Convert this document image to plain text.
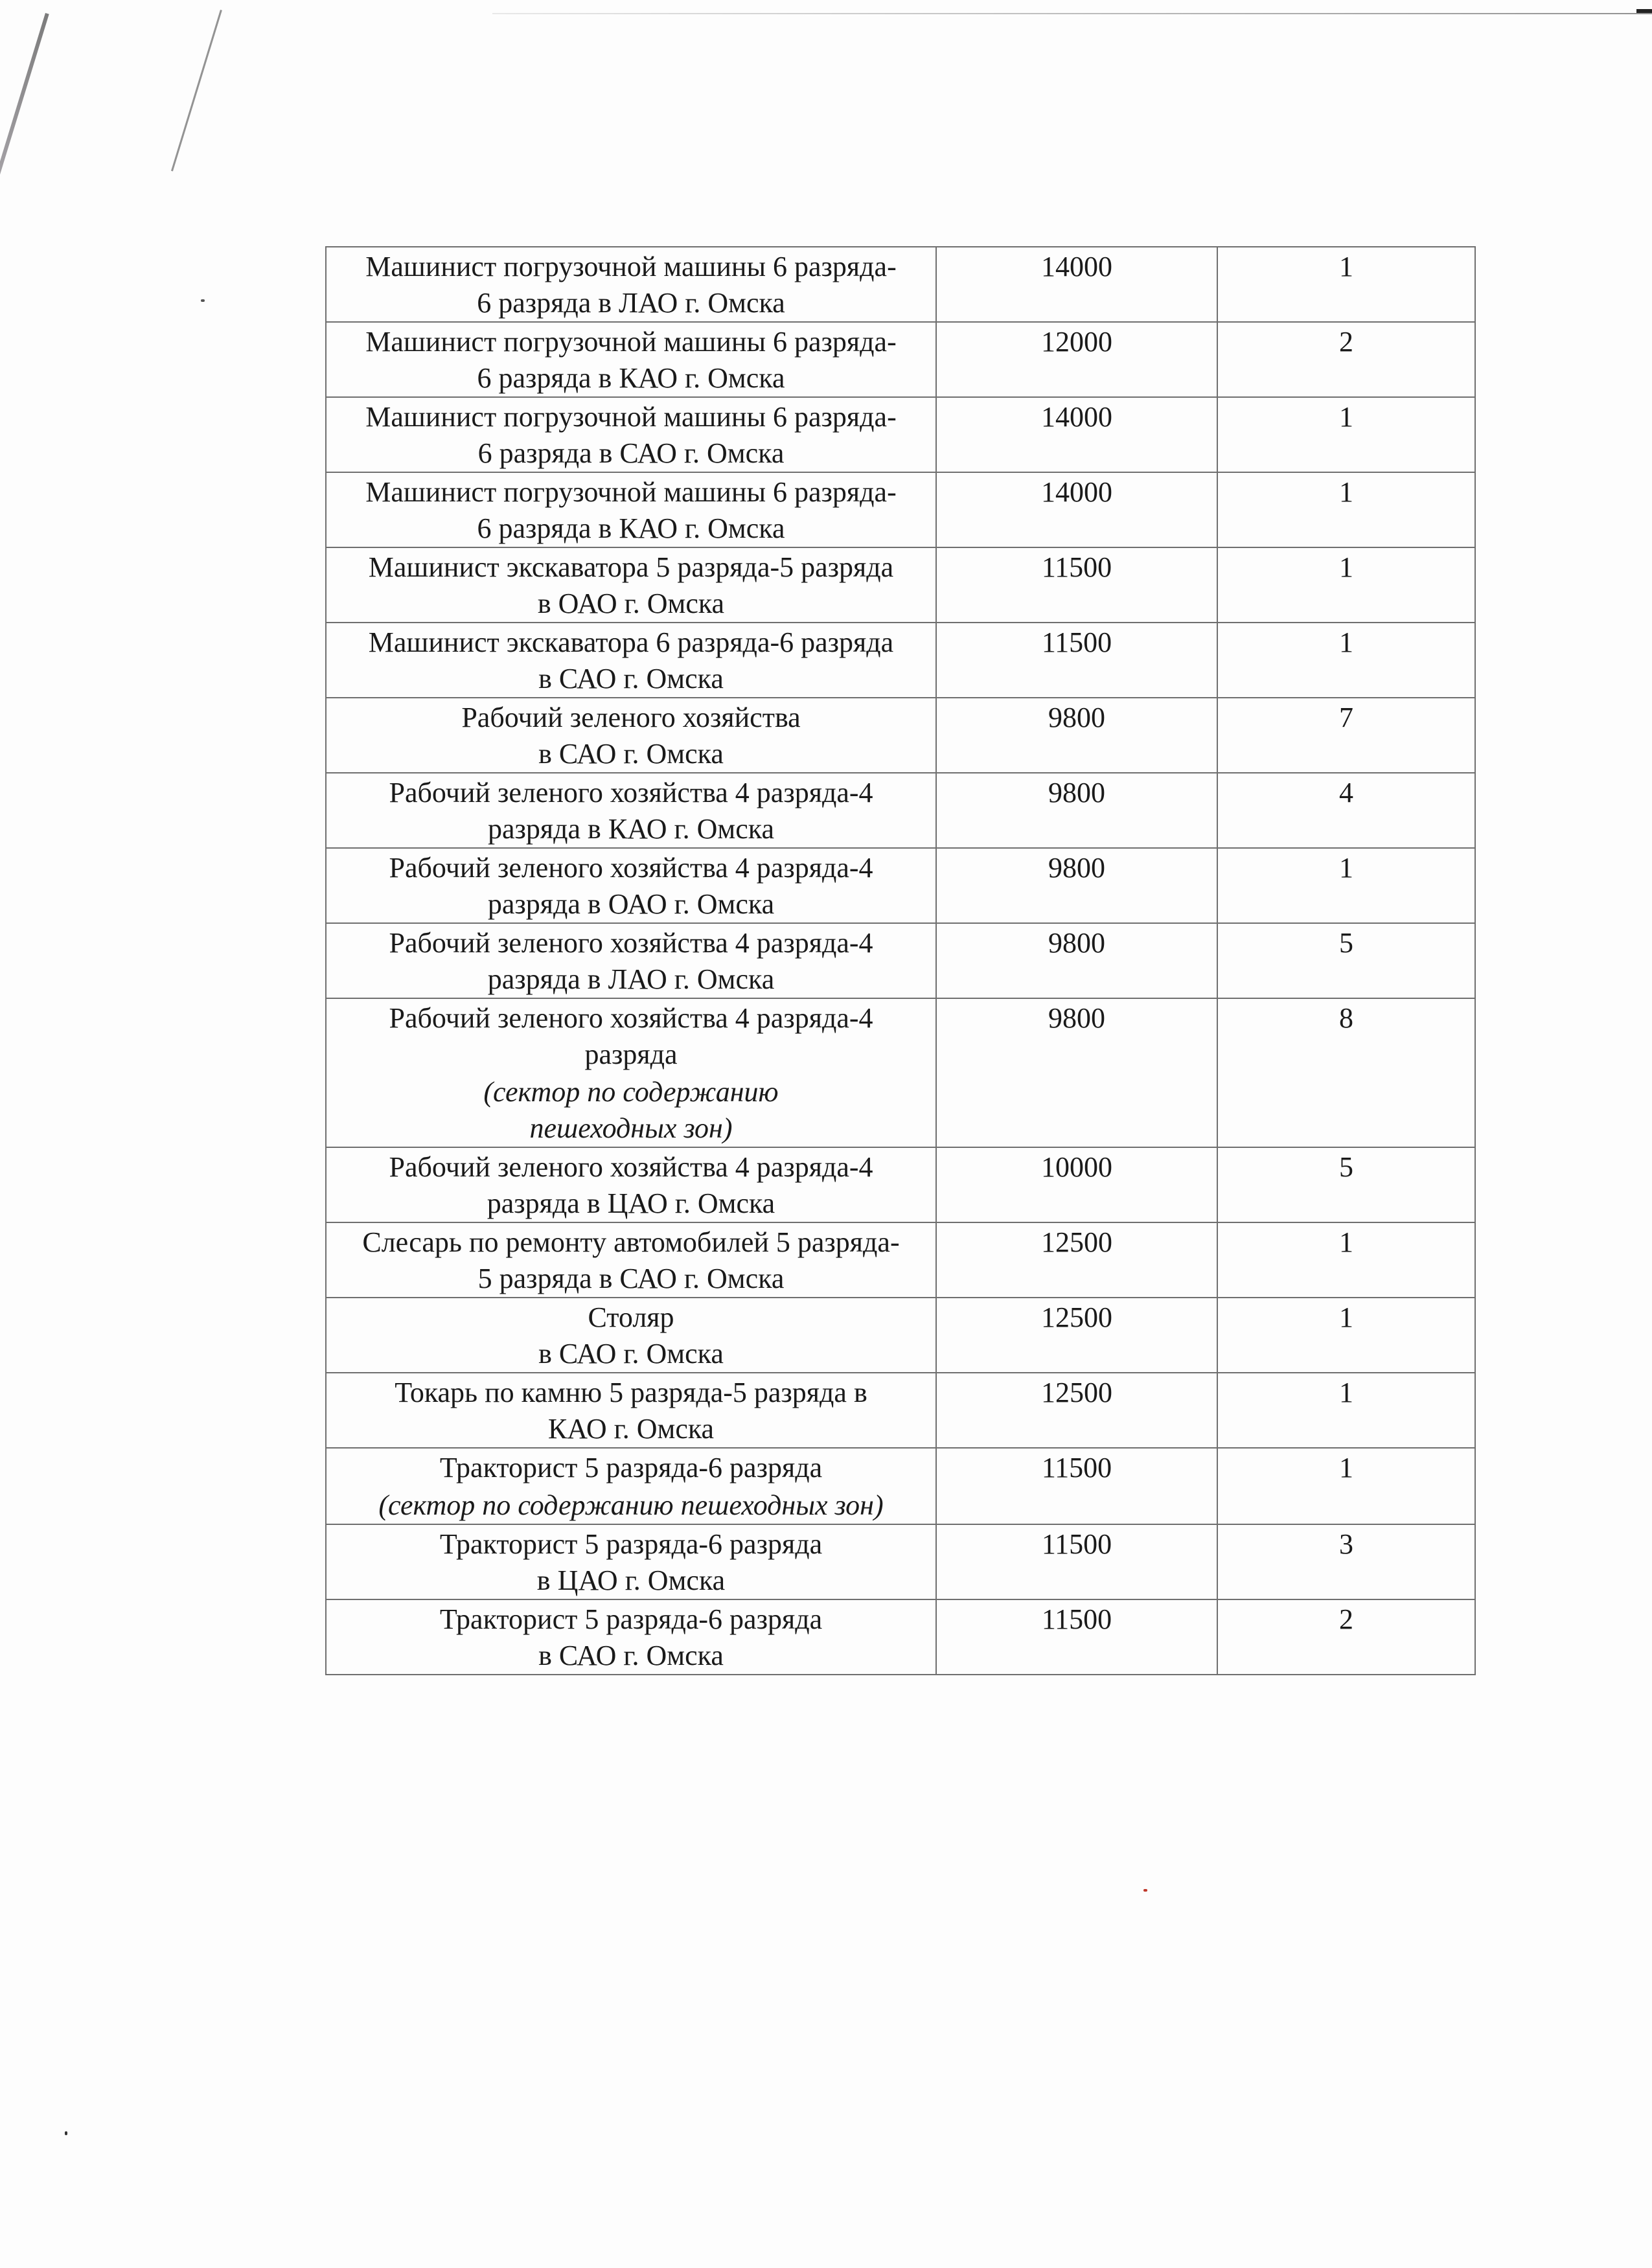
Машинист погрузочной машины 6 разряда-
6 разряда в ЛАО г. Омска	14000	1

Машинист погрузочной машины 6 разряда-
6 разряда в КАО г. Омска	12000	2

Машинист погрузочной машины 6 разряда-
6 разряда в САО г. Омска	14000	1

Машинист погрузочной машины 6 разряда-
6 разряда в КАО г. Омска	14000	1

Машинист экскаватора 5 разряда-5 разряда
в ОАО г. Омска	11500	1

Машинист экскаватора 6 разряда-6 разряда
в САО г. Омска	11500	1

Рабочий зеленого хозяйства
в САО г. Омска	9800	7

Рабочий зеленого хозяйства 4 разряда-4
разряда в КАО г. Омска	9800	4

Рабочий зеленого хозяйства 4 разряда-4
разряда в ОАО г. Омска	9800	1

Рабочий зеленого хозяйства 4 разряда-4
разряда в ЛАО г. Омска	9800	5

Рабочий зеленого хозяйства 4 разряда-4
разряда
(сектор по содержанию
пешеходных зон)	9800	8

Рабочий зеленого хозяйства 4 разряда-4
разряда в ЦАО г. Омска	10000	5

Слесарь по ремонту автомобилей 5 разряда-
5 разряда в САО г. Омска	12500	1

Столяр
в САО г. Омска	12500	1

Токарь по камню 5 разряда-5 разряда в
КАО г. Омска	12500	1

Тракторист 5 разряда-6 разряда
(сектор по содержанию пешеходных зон)	11500	1

Тракторист 5 разряда-6 разряда
в ЦАО г. Омска	11500	3

Тракторист 5 разряда-6 разряда
в САО г. Омска	11500	2
